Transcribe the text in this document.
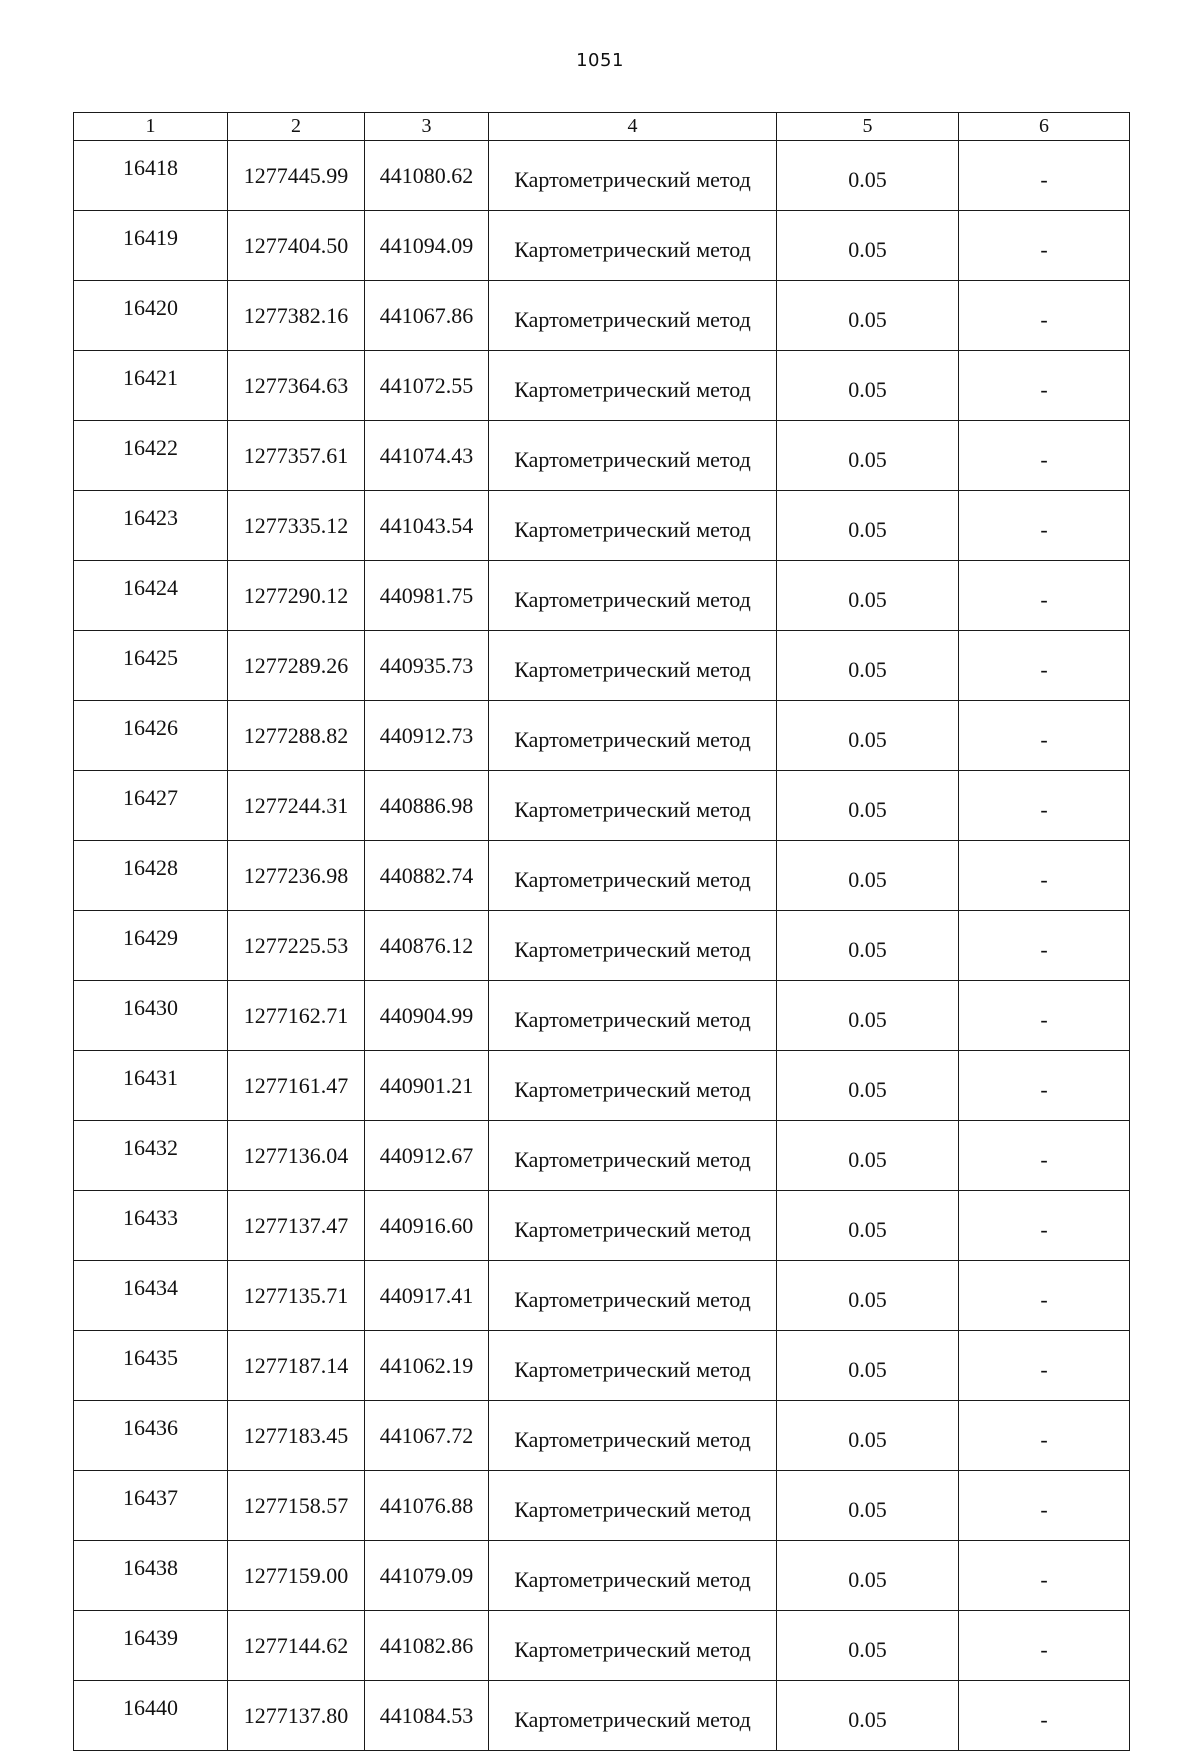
1051
1	2	3	4	5	6
16418	1277445.99	441080.62	Картометрический метод	0.05	-
16419	1277404.50	441094.09	Картометрический метод	0.05	-
16420	1277382.16	441067.86	Картометрический метод	0.05	-
16421	1277364.63	441072.55	Картометрический метод	0.05	-
16422	1277357.61	441074.43	Картометрический метод	0.05	-
16423	1277335.12	441043.54	Картометрический метод	0.05	-
16424	1277290.12	440981.75	Картометрический метод	0.05	-
16425	1277289.26	440935.73	Картометрический метод	0.05	-
16426	1277288.82	440912.73	Картометрический метод	0.05	-
16427	1277244.31	440886.98	Картометрический метод	0.05	-
16428	1277236.98	440882.74	Картометрический метод	0.05	-
16429	1277225.53	440876.12	Картометрический метод	0.05	-
16430	1277162.71	440904.99	Картометрический метод	0.05	-
16431	1277161.47	440901.21	Картометрический метод	0.05	-
16432	1277136.04	440912.67	Картометрический метод	0.05	-
16433	1277137.47	440916.60	Картометрический метод	0.05	-
16434	1277135.71	440917.41	Картометрический метод	0.05	-
16435	1277187.14	441062.19	Картометрический метод	0.05	-
16436	1277183.45	441067.72	Картометрический метод	0.05	-
16437	1277158.57	441076.88	Картометрический метод	0.05	-
16438	1277159.00	441079.09	Картометрический метод	0.05	-
16439	1277144.62	441082.86	Картометрический метод	0.05	-
16440	1277137.80	441084.53	Картометрический метод	0.05	-
